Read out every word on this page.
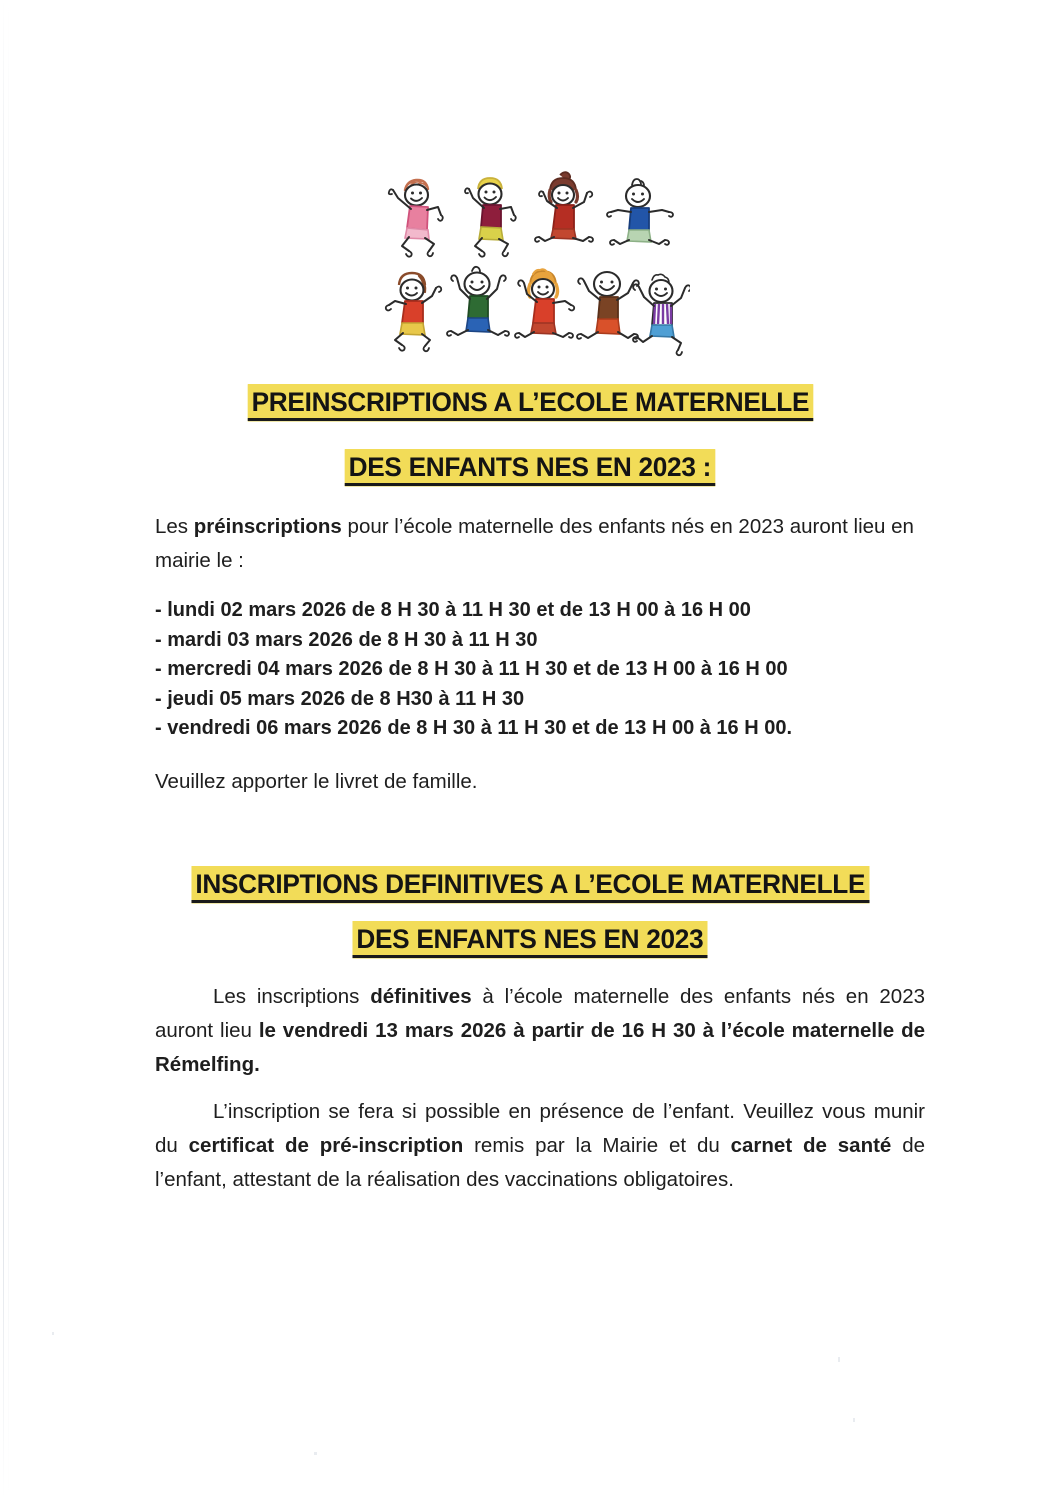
PREINSCRIPTIONS A L’ECOLE MATERNELLE
DES ENFANTS NES EN 2023 :
Les préinscriptions pour l’école maternelle des enfants nés en 2023 auront lieu en mairie le :
- lundi 02 mars 2026 de 8 H 30 à 11 H 30 et de 13 H 00 à 16 H 00
- mardi 03 mars 2026 de 8 H 30 à 11 H 30
- mercredi 04 mars 2026 de 8 H 30 à 11 H 30 et de 13 H 00 à 16 H 00
- jeudi 05 mars 2026 de 8 H30 à 11 H 30
- vendredi 06 mars 2026 de 8 H 30 à 11 H 30 et de 13 H 00 à 16 H 00.
Veuillez apporter le livret de famille.
INSCRIPTIONS DEFINITIVES A L’ECOLE MATERNELLE
DES ENFANTS NES EN 2023
Les inscriptions définitives à l’école maternelle des enfants nés en 2023 auront lieu le vendredi 13 mars 2026 à partir de 16 H 30 à l’école maternelle de Rémelfing.
L’inscription se fera si possible en présence de l’enfant. Veuillez vous munir du certificat de pré-inscription remis par la Mairie et du carnet de santé de l’enfant, attestant de la réalisation des vaccinations obligatoires.
